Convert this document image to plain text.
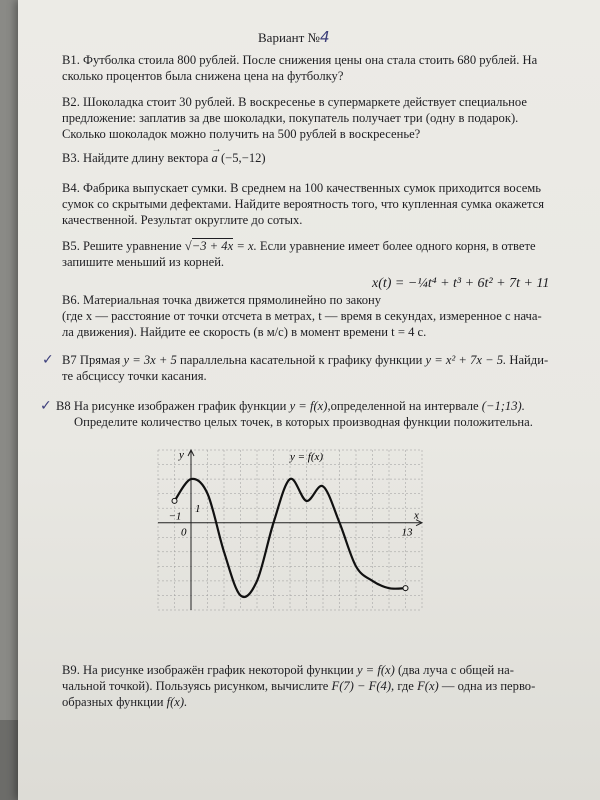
Вариант №4
B1. Футболка стоила 800 рублей. После снижения цены она стала стоить 680 рублей. На
сколько процентов была снижена цена на футболку?
B2. Шоколадка стоит 30 рублей. В воскресенье в супермаркете действует специальное
предложение: заплатив за две шоколадки, покупатель получает три (одну в подарок).
Сколько шоколадок можно получить на 500 рублей в воскресенье?
B3. Найдите длину вектора
→
a (−5,−12)
B4. Фабрика выпускает сумки. В среднем на 100 качественных сумок приходится восемь
сумок со скрытыми дефектами. Найдите вероятность того, что купленная сумка окажется
качественной. Результат округлите до сотых.
B5. Решите уравнение √−3 + 4x = x. Если уравнение имеет более одного корня, в ответе
запишите меньший из корней.
x(t) = −¼t⁴ + t³ + 6t² + 7t + 11
B6. Материальная точка движется прямолинейно по закону
(где x — расстояние от точки отсчета в метрах, t — время в секундах, измеренное с нача-
ла движения). Найдите ее скорость (в м/с) в момент времени t = 4 с.
✓ B7 Прямая y = 3x + 5 параллельна касательной к графику функции y = x² + 7x − 5. Найди-
те абсциссу точки касания.
✓ B8 На рисунке изображен график функции y = f(x),определенной на интервале (−1;13).
Определите количество целых точек, в которых производная функции положительна.
y = f(x)
x
y
−1
0	13
1
B9. На рисунке изображён график некоторой функции y = f(x) (два луча с общей на-
чальной точкой). Пользуясь рисунком, вычислите F(7) − F(4), где F(x) — одна из перво-
образных функции f(x).
